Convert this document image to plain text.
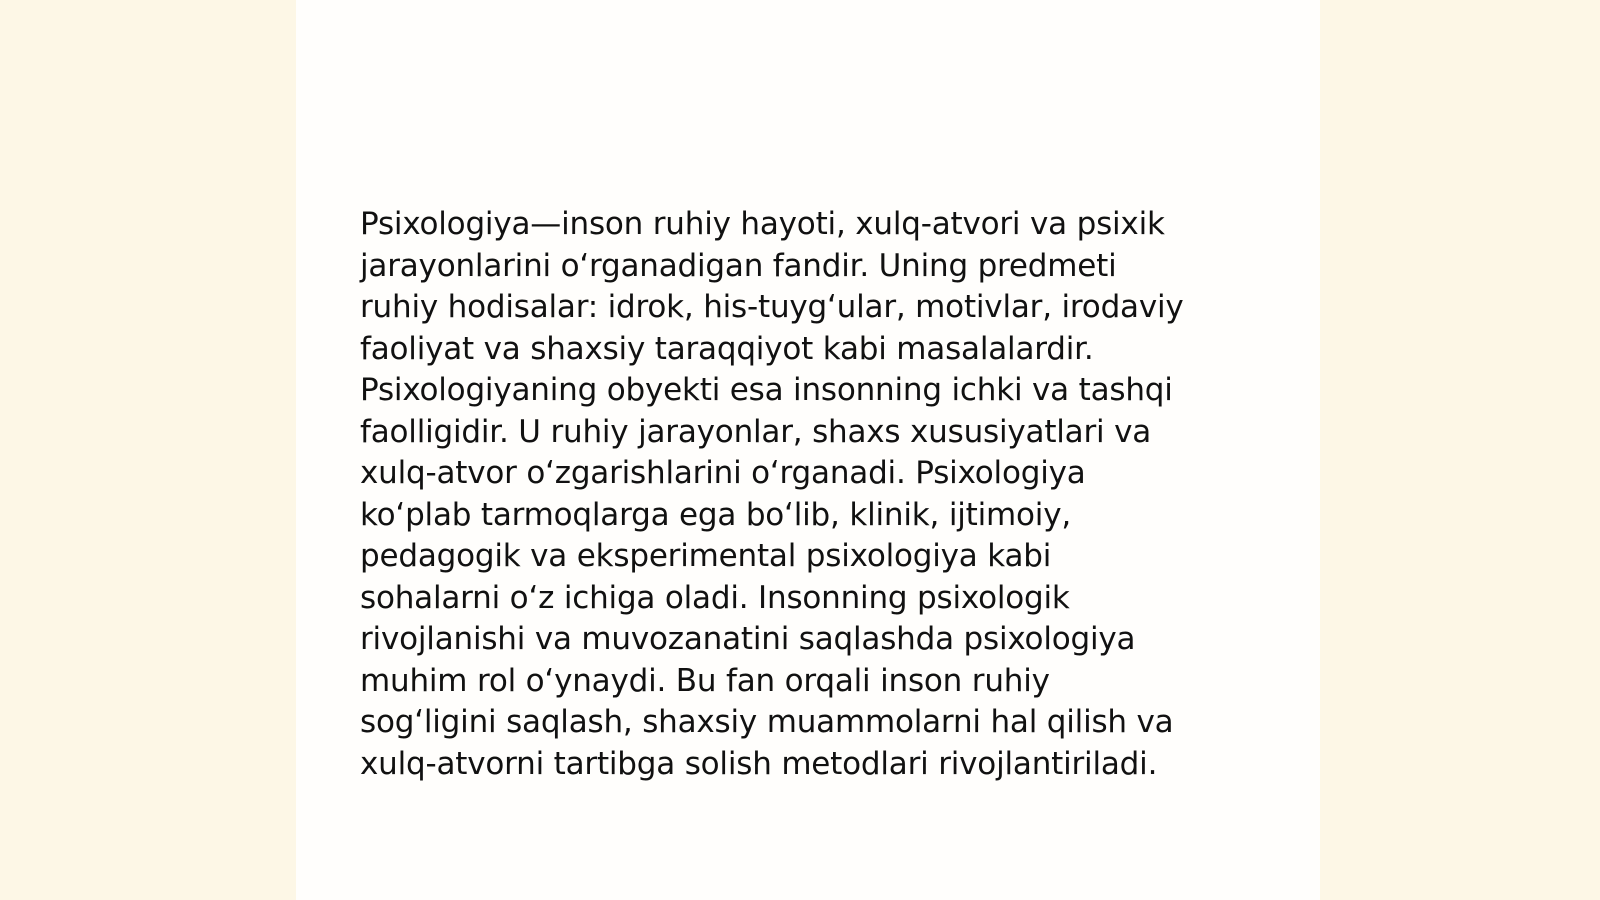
Psixologiya—inson ruhiy hayoti, xulq-atvori va psixik
jarayonlarini oʻrganadigan fandir. Uning predmeti
ruhiy hodisalar: idrok, his-tuygʻular, motivlar, irodaviy
faoliyat va shaxsiy taraqqiyot kabi masalalardir.
Psixologiyaning obyekti esa insonning ichki va tashqi
faolligidir. U ruhiy jarayonlar, shaxs xususiyatlari va
xulq-atvor oʻzgarishlarini oʻrganadi. Psixologiya
koʻplab tarmoqlarga ega boʻlib, klinik, ijtimoiy,
pedagogik va eksperimental psixologiya kabi
sohalarni oʻz ichiga oladi. Insonning psixologik
rivojlanishi va muvozanatini saqlashda psixologiya
muhim rol oʻynaydi. Bu fan orqali inson ruhiy
sogʻligini saqlash, shaxsiy muammolarni hal qilish va
xulq-atvorni tartibga solish metodlari rivojlantiriladi.
